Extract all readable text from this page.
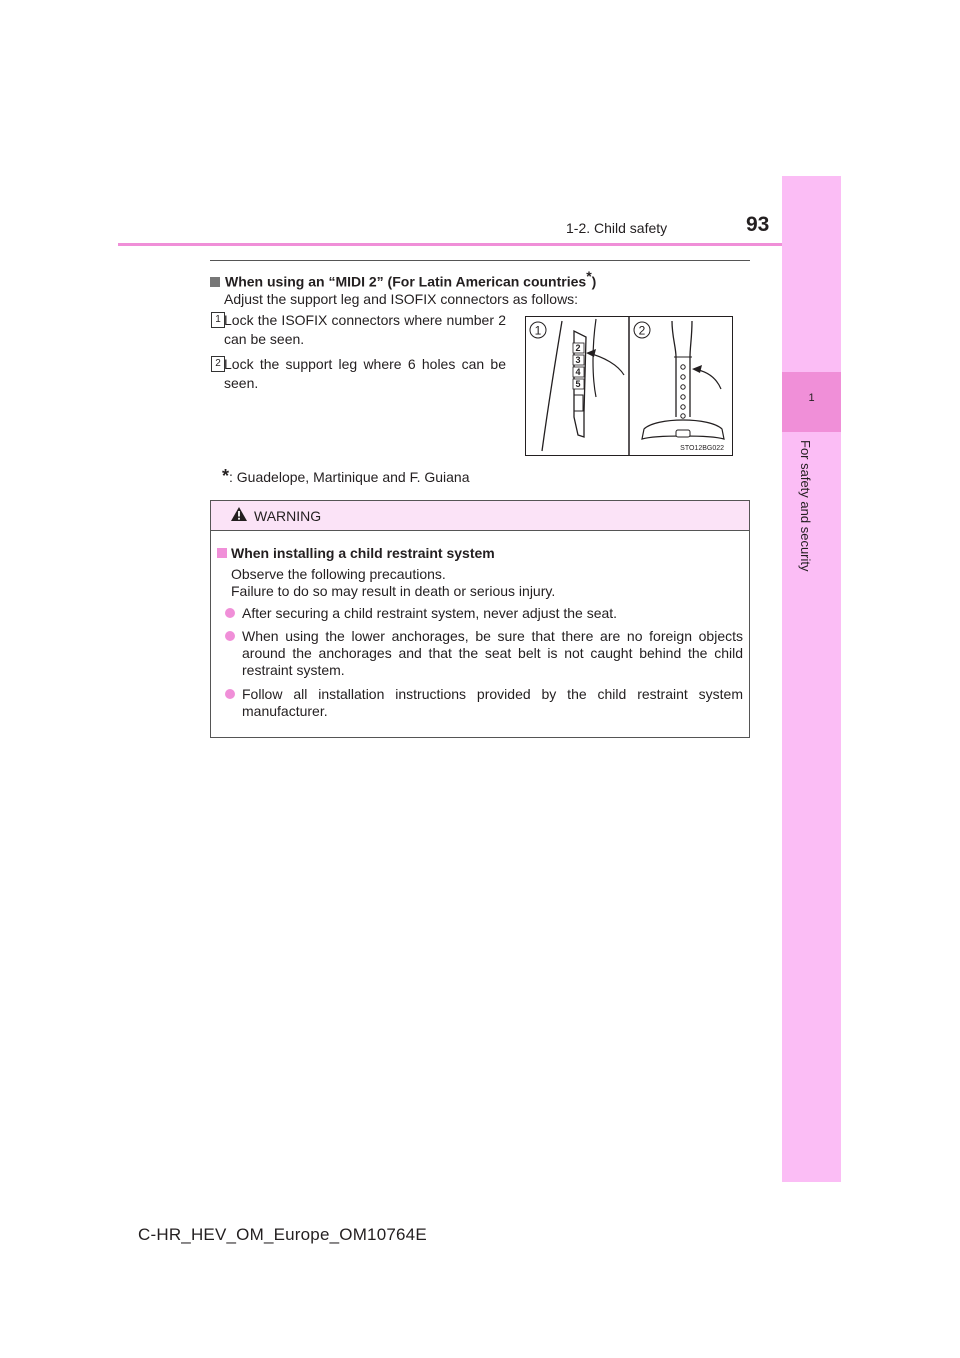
1-2. Child safety	93
1
For safety and security
When using an “MIDI 2” (For Latin American countries*)
Adjust the support leg and ISOFIX connectors as follows:
1 Lock the ISOFIX connectors where number 2 can be seen.
2 Lock the support leg where 6 holes can be seen.
2
3
4
5
1	2
STO12BG022
*: Guadelope, Martinique and F. Guiana
WARNING
When installing a child restraint system
Observe the following precautions.
Failure to do so may result in death or serious injury.
After securing a child restraint system, never adjust the seat.
When using the lower anchorages, be sure that there are no foreign objects around the anchorages and that the seat belt is not caught behind the child restraint system.
Follow all installation instructions provided by the child restraint system manufacturer.
C-HR_HEV_OM_Europe_OM10764E
